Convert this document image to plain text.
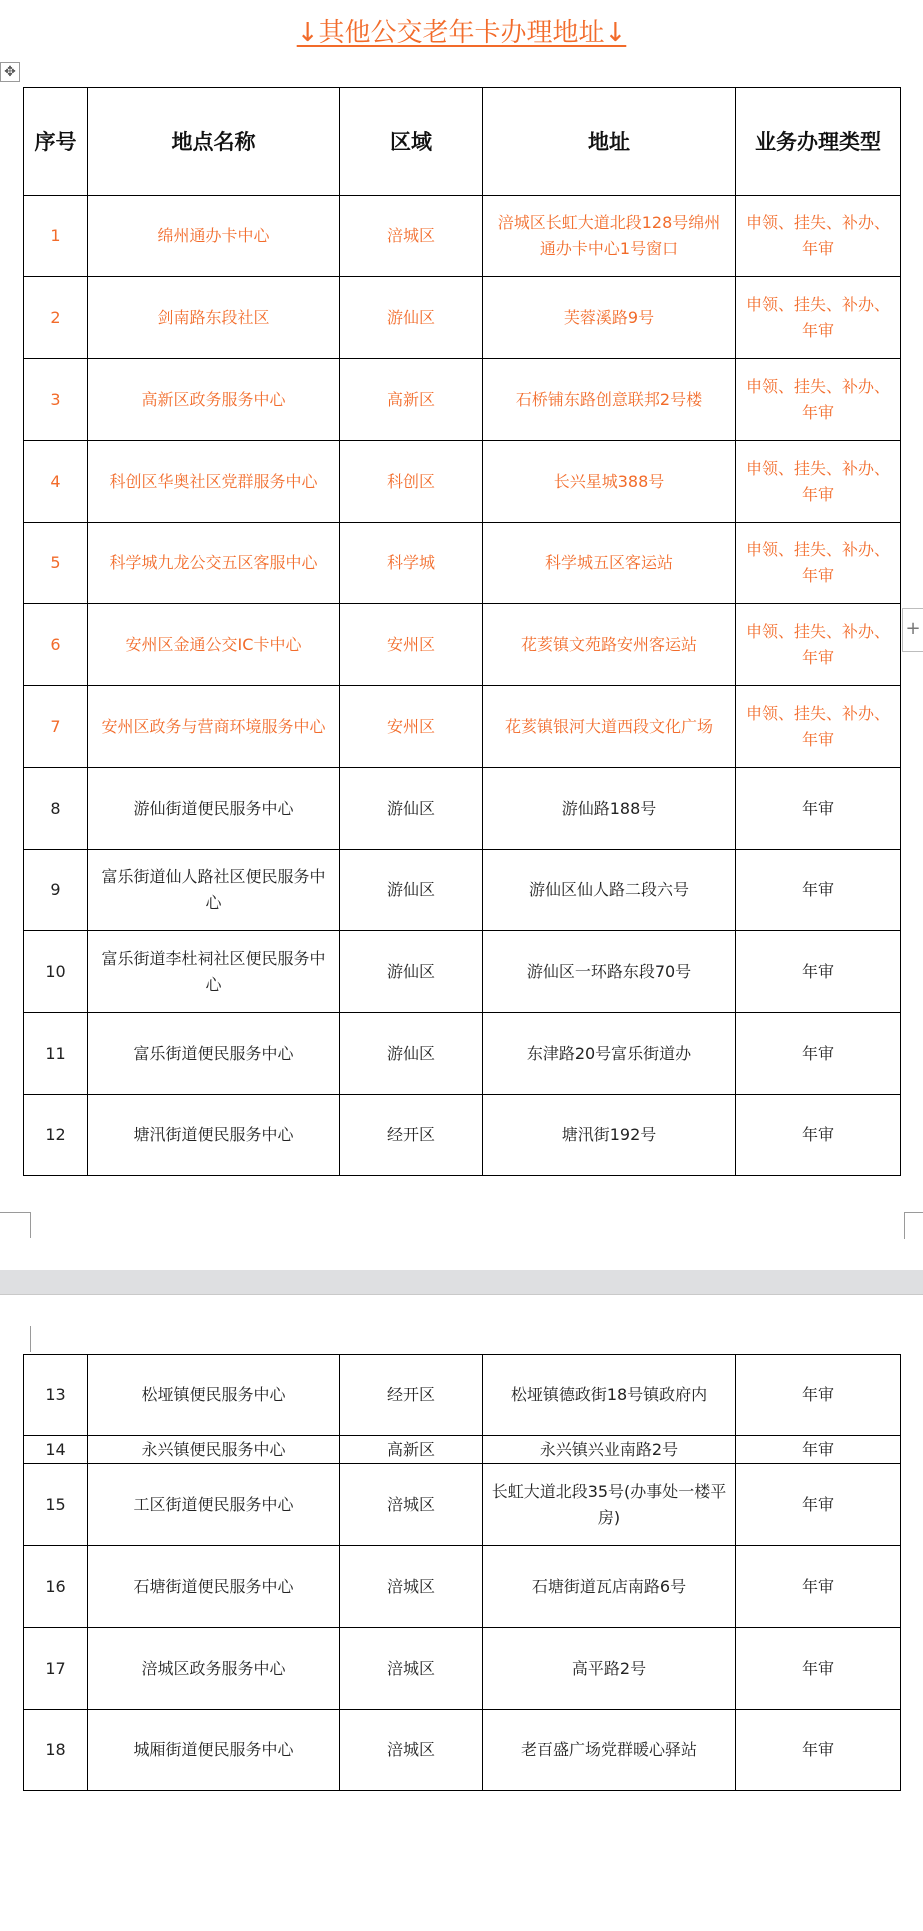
↓其他公交老年卡办理地址↓
✥
+
序号	地点名称	区域	地址	业务办理类型
1	绵州通办卡中心	涪城区	涪城区长虹大道北段128号绵州通办卡中心1号窗口	申领、挂失、补办、年审
2	剑南路东段社区	游仙区	芙蓉溪路9号	申领、挂失、补办、年审
3	高新区政务服务中心	高新区	石桥铺东路创意联邦2号楼	申领、挂失、补办、年审
4	科创区华奥社区党群服务中心	科创区	长兴星城388号	申领、挂失、补办、年审
5	科学城九龙公交五区客服中心	科学城	科学城五区客运站	申领、挂失、补办、年审
6	安州区金通公交IC卡中心	安州区	花荄镇文苑路安州客运站	申领、挂失、补办、年审
7	安州区政务与营商环境服务中心	安州区	花荄镇银河大道西段文化广场	申领、挂失、补办、年审
8	游仙街道便民服务中心	游仙区	游仙路188号	年审
9	富乐街道仙人路社区便民服务中心	游仙区	游仙区仙人路二段六号	年审
10	富乐街道李杜祠社区便民服务中心	游仙区	游仙区一环路东段70号	年审
11	富乐街道便民服务中心	游仙区	东津路20号富乐街道办	年审
12	塘汛街道便民服务中心	经开区	塘汛街192号	年审
13	松垭镇便民服务中心	经开区	松垭镇德政街18号镇政府内	年审
14	永兴镇便民服务中心	高新区	永兴镇兴业南路2号	年审
15	工区街道便民服务中心	涪城区	长虹大道北段35号(办事处一楼平房)	年审
16	石塘街道便民服务中心	涪城区	石塘街道瓦店南路6号	年审
17	涪城区政务服务中心	涪城区	高平路2号	年审
18	城厢街道便民服务中心	涪城区	老百盛广场党群暖心驿站	年审
